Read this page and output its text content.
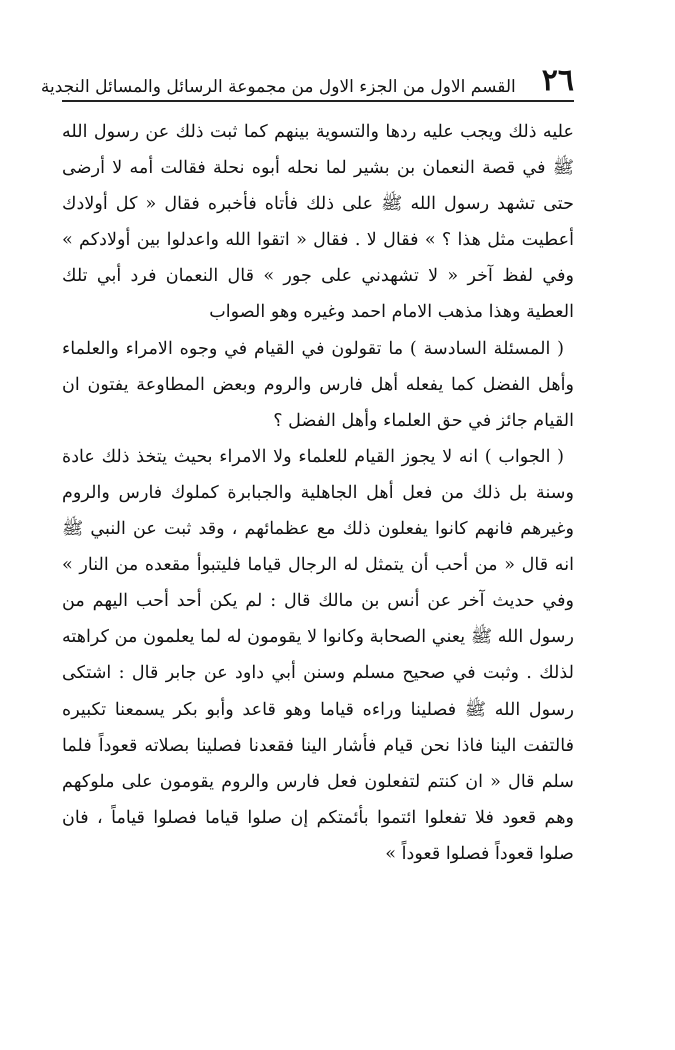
٢٦
القسم الاول من الجزء الاول من مجموعة الرسائل والمسائل النجدية

عليه ذلك ويجب عليه ردها والتسوية بينهم كما ثبت ذلك عن رسول الله ﷺ في قصة النعمان بن بشير لما نحله أبوه نحلة فقالت أمه لا أرضى حتى تشهد رسول الله ﷺ على ذلك فأتاه فأخبره فقال « كل أولادك أعطيت مثل هذا ؟ » فقال لا . فقال « اتقوا الله واعدلوا بين أولادكم » وفي لفظ آخر « لا تشهدني على جور » قال النعمان فرد أبي تلك العطية وهذا مذهب الامام احمد وغيره وهو الصواب

( المسئلة السادسة ) ما تقولون في القيام في وجوه الامراء والعلماء وأهل الفضل كما يفعله أهل فارس والروم وبعض المطاوعة يفتون ان القيام جائز في حق العلماء وأهل الفضل ؟

( الجواب ) انه لا يجوز القيام للعلماء ولا الامراء بحيث يتخذ ذلك عادة وسنة بل ذلك من فعل أهل الجاهلية والجبابرة كملوك فارس والروم وغيرهم فانهم كانوا يفعلون ذلك مع عظمائهم ، وقد ثبت عن النبي ﷺ انه قال « من أحب أن يتمثل له الرجال قياما فليتبوأ مقعده من النار » وفي حديث آخر عن أنس بن مالك قال : لم يكن أحد أحب اليهم من رسول الله ﷺ يعني الصحابة وكانوا لا يقومون له لما يعلمون من كراهته لذلك . وثبت في صحيح مسلم وسنن أبي داود عن جابر قال : اشتكى رسول الله ﷺ فصلينا وراءه قياما وهو قاعد وأبو بكر يسمعنا تكبيره فالتفت الينا فاذا نحن قيام فأشار الينا فقعدنا فصلينا بصلاته قعوداً فلما سلم قال « ان كنتم لتفعلون فعل فارس والروم يقومون على ملوكهم وهم قعود فلا تفعلوا ائتموا بأئمتكم إن صلوا قياما فصلوا قياماً ، فان صلوا قعوداً فصلوا قعوداً »
